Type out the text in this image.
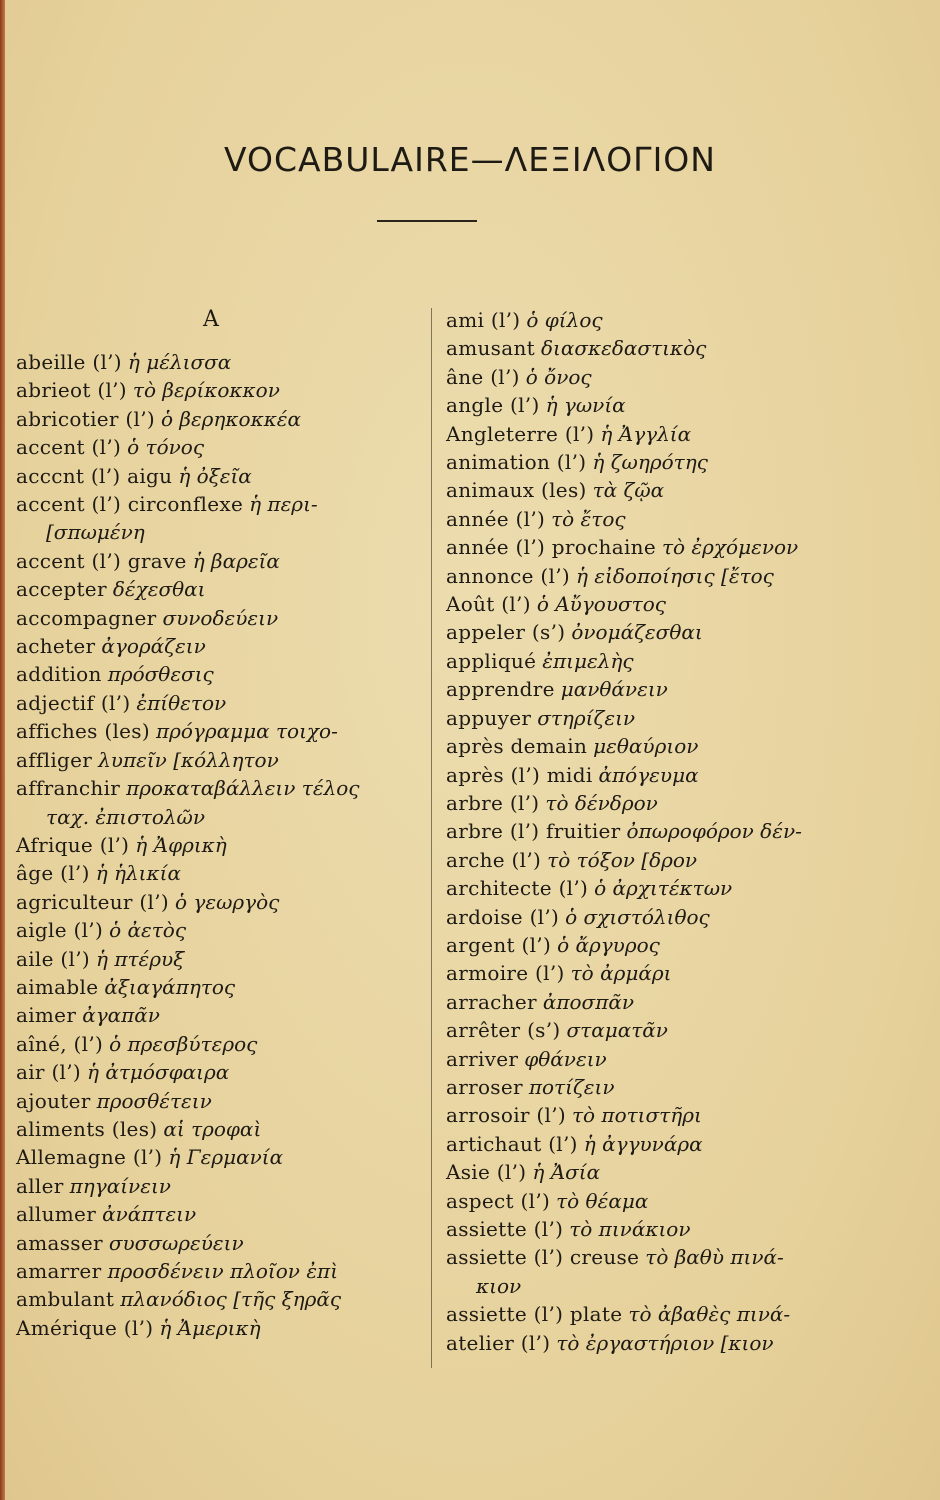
VOCABULAIRE—ΛΕΞΙΛΟΓΙΟΝ
A
abeille (l’) ἡ μέλισσα
abrieot (l’) τὸ βερίκοκκον
abricotier (l’) ὁ βερηκοκκέα
accent (l’) ὁ τόνος
acccnt (l’) aigu ἡ ὀξεῖα
accent (l’) circonflexe ἡ περι-
[σπωμένη
accent (l’) grave ἡ βαρεῖα
accepter δέχεσθαι
accompagner συνοδεύειν
acheter ἀγοράζειν
addition πρόσθεσις
adjectif (l’) ἐπίθετον
affiches (les) πρόγραμμα τοιχο-
affliger λυπεῖν [κόλλητον
affranchir προκαταβάλλειν τέλος
ταχ. ἐπιστολῶν
Afrique (l’) ἡ Ἀφρικὴ
âge (l’) ἡ ἡλικία
agriculteur (l’) ὁ γεωργὸς
aigle (l’) ὁ ἀετὸς
aile (l’) ἡ πτέρυξ
aimable ἀξιαγάπητος
aimer ἀγαπᾶν
aîné, (l’) ὁ πρεσβύτερος
air (l’) ἡ ἀτμόσφαιρα
ajouter προσθέτειν
aliments (les) αἱ τροφαὶ
Allemagne (l’) ἡ Γερμανία
aller πηγαίνειν
allumer ἀνάπτειν
amasser συσσωρεύειν
amarrer προσδένειν πλοῖον ἐπὶ
ambulant πλανόδιος [τῆς ξηρᾶς
Amérique (l’) ἡ Ἀμερικὴ
ami (l’) ὁ φίλος
amusant διασκεδαστικὸς
âne (l’) ὁ ὄνος
angle (l’) ἡ γωνία
Angleterre (l’) ἡ Ἀγγλία
animation (l’) ἡ ζωηρότης
animaux (les) τὰ ζῷα
année (l’) τὸ ἔτος
année (l’) prochaine τὸ ἐρχόμενον
annonce (l’) ἡ εἰδοποίησις [ἔτος
Août (l’) ὁ Αὔγουστος
appeler (s’) ὀνομάζεσθαι
appliqué ἐπιμελὴς
apprendre μανθάνειν
appuyer στηρίζειν
après demain μεθαύριον
après (l’) midi ἀπόγευμα
arbre (l’) τὸ δένδρον
arbre (l’) fruitier ὀπωροφόρον δέν-
arche (l’) τὸ τόξον [δρον
architecte (l’) ὁ ἀρχιτέκτων
ardoise (l’) ὁ σχιστόλιθος
argent (l’) ὁ ἄργυρος
armoire (l’) τὸ ἀρμάρι
arracher ἀποσπᾶν
arrêter (s’) σταματᾶν
arriver φθάνειν
arroser ποτίζειν
arrosoir (l’) τὸ ποτιστῆρι
artichaut (l’) ἡ ἀγγυνάρα
Asie (l’) ἡ Ἀσία
aspect (l’) τὸ θέαμα
assiette (l’) τὸ πινάκιον
assiette (l’) creuse τὸ βαθὺ πινά-
κιον
assiette (l’) plate τὸ ἀβαθὲς πινά-
atelier (l’) τὸ ἐργαστήριον [κιον
